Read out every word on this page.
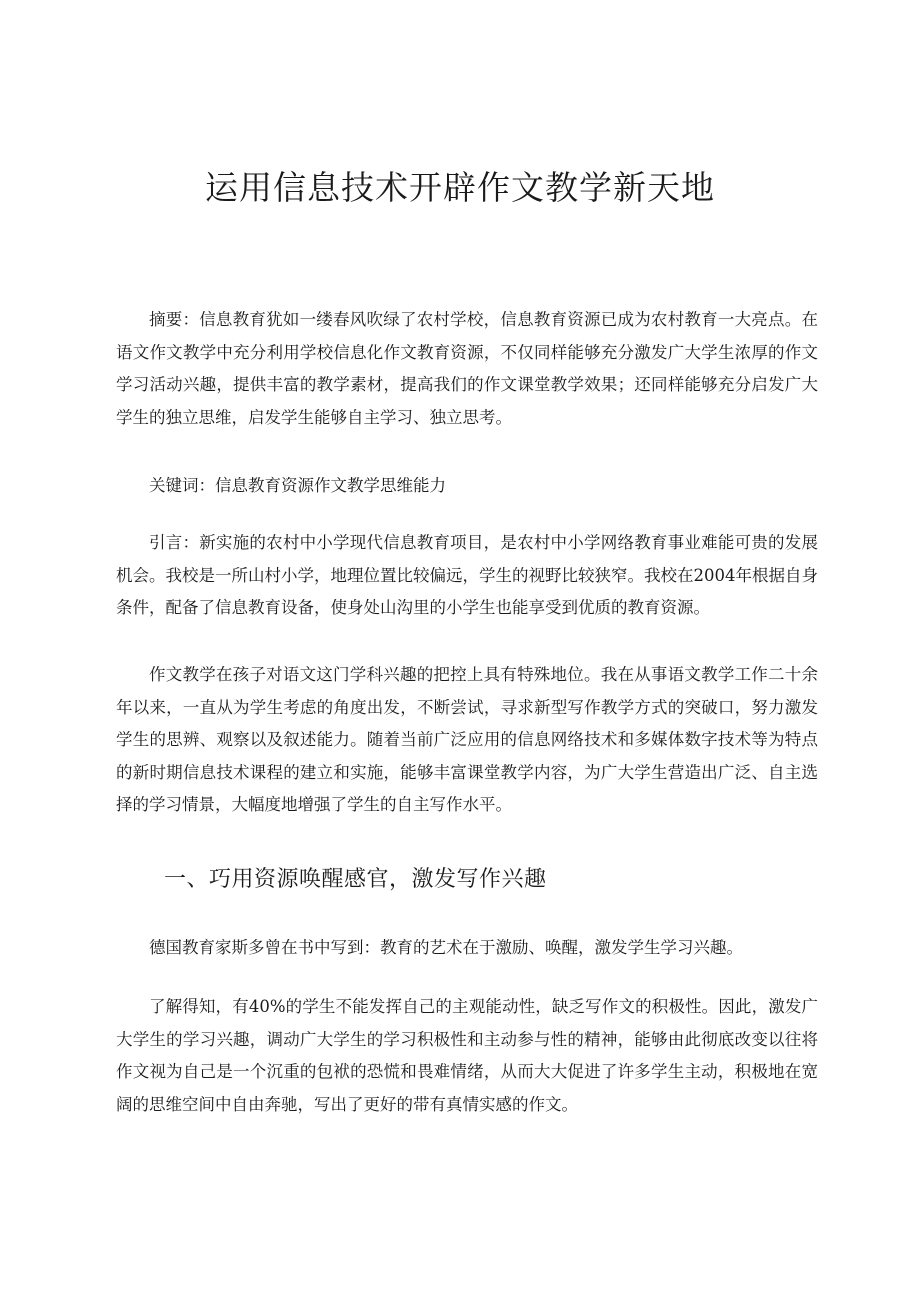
运用信息技术开辟作文教学新天地

摘要：信息教育犹如一缕春风吹绿了农村学校，信息教育资源已成为农村教育一大亮点。在语文作文教学中充分利用学校信息化作文教育资源，不仅同样能够充分激发广大学生浓厚的作文学习活动兴趣，提供丰富的教学素材，提高我们的作文课堂教学效果；还同样能够充分启发广大学生的独立思维，启发学生能够自主学习、独立思考。

关键词：信息教育资源作文教学思维能力

引言：新实施的农村中小学现代信息教育项目，是农村中小学网络教育事业难能可贵的发展机会。我校是一所山村小学，地理位置比较偏远，学生的视野比较狭窄。我校在2004年根据自身条件，配备了信息教育设备，使身处山沟里的小学生也能享受到优质的教育资源。

作文教学在孩子对语文这门学科兴趣的把控上具有特殊地位。我在从事语文教学工作二十余年以来，一直从为学生考虑的角度出发，不断尝试，寻求新型写作教学方式的突破口，努力激发学生的思辨、观察以及叙述能力。随着当前广泛应用的信息网络技术和多媒体数字技术等为特点的新时期信息技术课程的建立和实施，能够丰富课堂教学内容，为广大学生营造出广泛、自主选择的学习情景，大幅度地增强了学生的自主写作水平。

一、巧用资源唤醒感官，激发写作兴趣

德国教育家斯多曾在书中写到：教育的艺术在于激励、唤醒，激发学生学习兴趣。

了解得知，有40%的学生不能发挥自己的主观能动性，缺乏写作文的积极性。因此，激发广大学生的学习兴趣，调动广大学生的学习积极性和主动参与性的精神，能够由此彻底改变以往将作文视为自己是一个沉重的包袱的恐慌和畏难情绪，从而大大促进了许多学生主动，积极地在宽阔的思维空间中自由奔驰，写出了更好的带有真情实感的作文。
